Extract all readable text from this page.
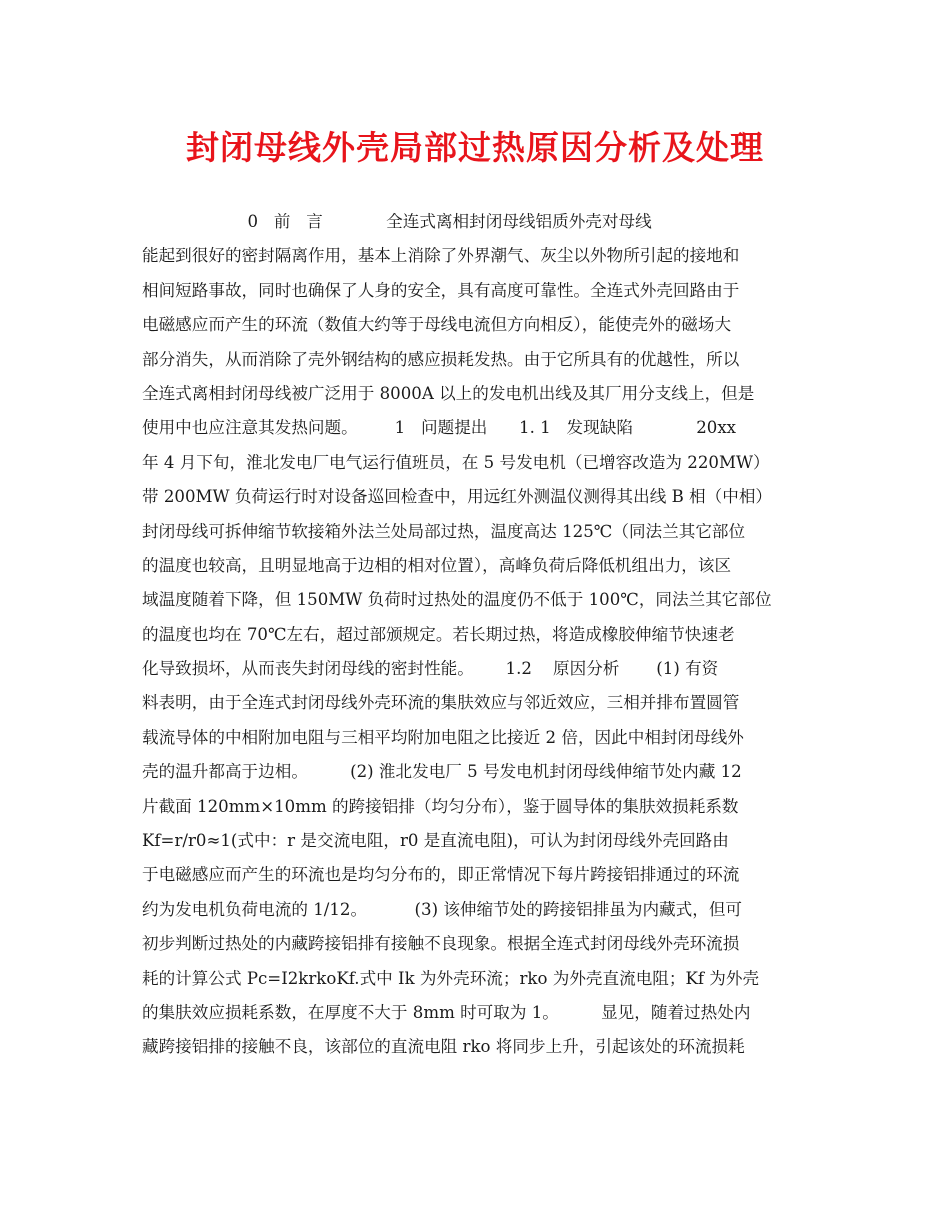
封闭母线外壳局部过热原因分析及处理
0   前   言            全连式离相封闭母线铝质外壳对母线
能起到很好的密封隔离作用，基本上消除了外界潮气、灰尘以外物所引起的接地和
相间短路事故，同时也确保了人身的安全，具有高度可靠性。全连式外壳回路由于
电磁感应而产生的环流（数值大约等于母线电流但方向相反），能使壳外的磁场大
部分消失，从而消除了壳外钢结构的感应损耗发热。由于它所具有的优越性，所以
全连式离相封闭母线被广泛用于 8000A 以上的发电机出线及其厂用分支线上，但是
使用中也应注意其发热问题。       1   问题提出      1. 1   发现缺陷            20xx
年 4 月下旬，淮北发电厂电气运行值班员，在 5 号发电机（已增容改造为 220MW）
带 200MW 负荷运行时对设备巡回检查中，用远红外测温仪测得其出线 B 相（中相）
封闭母线可拆伸缩节软接箱外法兰处局部过热，温度高达 125℃（同法兰其它部位
的温度也较高，且明显地高于边相的相对位置），高峰负荷后降低机组出力，该区
域温度随着下降，但 150MW 负荷时过热处的温度仍不低于 100℃，同法兰其它部位
的温度也均在 70℃左右，超过部颁规定。若长期过热，将造成橡胶伸缩节快速老
化导致损坏，从而丧失封闭母线的密封性能。      1.2    原因分析       (1) 有资
料表明，由于全连式封闭母线外壳环流的集肤效应与邻近效应，三相并排布置圆管
载流导体的中相附加电阻与三相平均附加电阻之比接近 2 倍，因此中相封闭母线外
壳的温升都高于边相。        (2) 淮北发电厂 5 号发电机封闭母线伸缩节处内藏 12
片截面 120mm×10mm 的跨接铝排（均匀分布），鉴于圆导体的集肤效损耗系数
Kf=r/r0≈1(式中：r 是交流电阻，r0 是直流电阻)，可认为封闭母线外壳回路由
于电磁感应而产生的环流也是均匀分布的，即正常情况下每片跨接铝排通过的环流
约为发电机负荷电流的 1/12。         (3) 该伸缩节处的跨接铝排虽为内藏式，但可
初步判断过热处的内藏跨接铝排有接触不良现象。根据全连式封闭母线外壳环流损
耗的计算公式 Pc=I2krkoKf.式中 Ik 为外壳环流；rko 为外壳直流电阻；Kf 为外壳
的集肤效应损耗系数，在厚度不大于 8mm 时可取为 1。        显见，随着过热处内
藏跨接铝排的接触不良，该部位的直流电阻 rko 将同步上升，引起该处的环流损耗
